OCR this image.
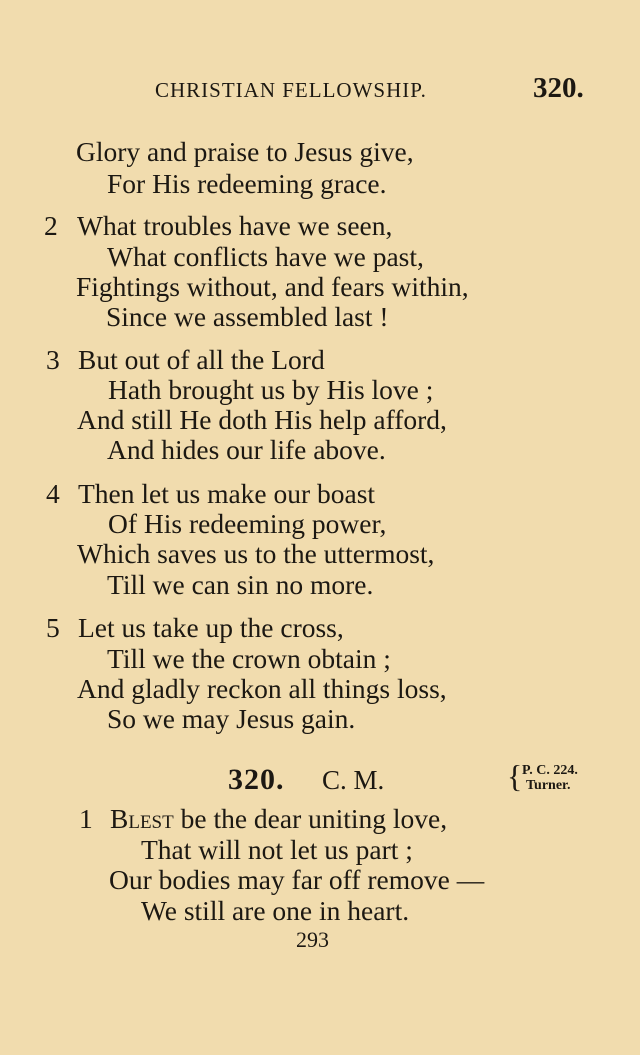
CHRISTIAN FELLOWSHIP.	320.
Glory and praise to Jesus give,
For His redeeming grace.
2 What troubles have we seen,
What conflicts have we past,
Fightings without, and fears within,
Since we assembled last !
3 But out of all the Lord
Hath brought us by His love ;
And still He doth His help afford,
And hides our life above.
4 Then let us make our boast
Of His redeeming power,
Which saves us to the uttermost,
Till we can sin no more.
5 Let us take up the cross,
Till we the crown obtain ;
And gladly reckon all things loss,
So we may Jesus gain.
320. C. M.	{ P. C. 224.
Turner.
1 Blest be the dear uniting love,
That will not let us part ;
Our bodies may far off remove —
We still are one in heart.
293
